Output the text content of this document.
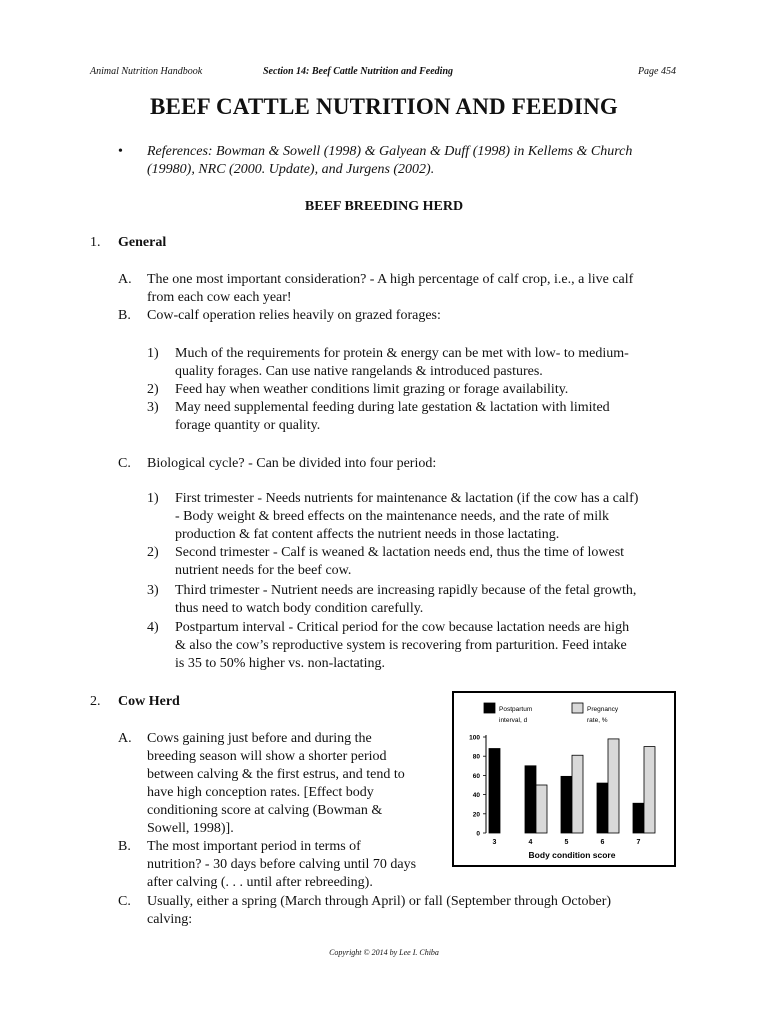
Animal Nutrition Handbook	Section 14: Beef Cattle Nutrition and Feeding	Page 454
BEEF CATTLE NUTRITION AND FEEDING
• References: Bowman & Sowell (1998) & Galyean & Duff (1998) in Kellems & Church
(19980), NRC (2000. Update), and Jurgens (2002).
BEEF BREEDING HERD
1. General
A. The one most important consideration? - A high percentage of calf crop, i.e., a live calf
from each cow each year!
B. Cow-calf operation relies heavily on grazed forages:
1) Much of the requirements for protein & energy can be met with low- to medium-
quality forages. Can use native rangelands & introduced pastures.
2) Feed hay when weather conditions limit grazing or forage availability.
3) May need supplemental feeding during late gestation & lactation with limited
forage quantity or quality.
C. Biological cycle? - Can be divided into four period:
1) First trimester - Needs nutrients for maintenance & lactation (if the cow has a calf)
- Body weight & breed effects on the maintenance needs, and the rate of milk
production & fat content affects the nutrient needs in those lactating.
2) Second trimester - Calf is weaned & lactation needs end, thus the time of lowest
nutrient needs for the beef cow.
3) Third trimester - Nutrient needs are increasing rapidly because of the fetal growth,
thus need to watch body condition carefully.
4) Postpartum interval - Critical period for the cow because lactation needs are high
& also the cow’s reproductive system is recovering from parturition. Feed intake
is 35 to 50% higher vs. non-lactating.
2. Cow Herd
A. Cows gaining just before and during the
breeding season will show a shorter period
between calving & the first estrus, and tend to
have high conception rates. [Effect body
conditioning score at calving (Bowman &
Sowell, 1998)].
B. The most important period in terms of
nutrition? - 30 days before calving until 70 days
after calving (. . . until after rebreeding).
C. Usually, either a spring (March through April) or fall (September through October)
calving:
Postpartum
interval, d
Pregnancy
rate, %
0
20
40
60
80
100
3	4	5	6	7
Body condition score
Copyright © 2014 by Lee I. Chiba
